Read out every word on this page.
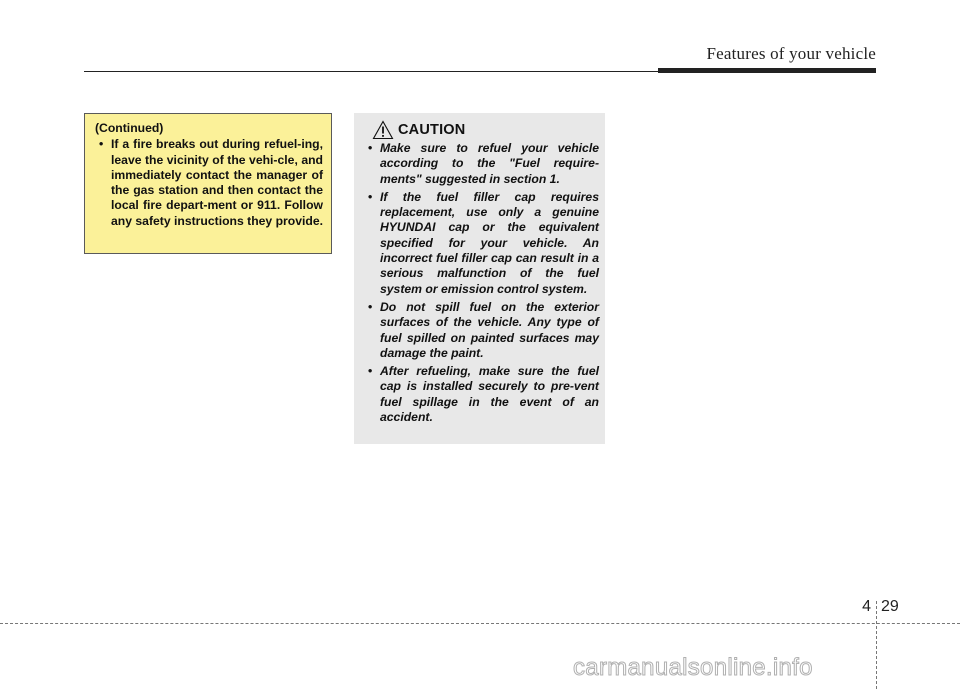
Features of your vehicle
(Continued)
• If a fire breaks out during refuel-ing, leave the vicinity of the vehi-cle, and immediately contact the manager of the gas station and then contact the local fire depart-ment or 911. Follow any safety instructions they provide.
CAUTION
• Make sure to refuel your vehicle according to the "Fuel require-ments" suggested in section 1.
• If the fuel filler cap requires replacement, use only a genuine HYUNDAI cap or the equivalent specified for your vehicle. An incorrect fuel filler cap can result in a serious malfunction of the fuel system or emission control system.
• Do not spill fuel on the exterior surfaces of the vehicle. Any type of fuel spilled on painted surfaces may damage the paint.
• After refueling, make sure the fuel cap is installed securely to pre-vent fuel spillage in the event of an accident.
4 29
carmanualsonline.info
